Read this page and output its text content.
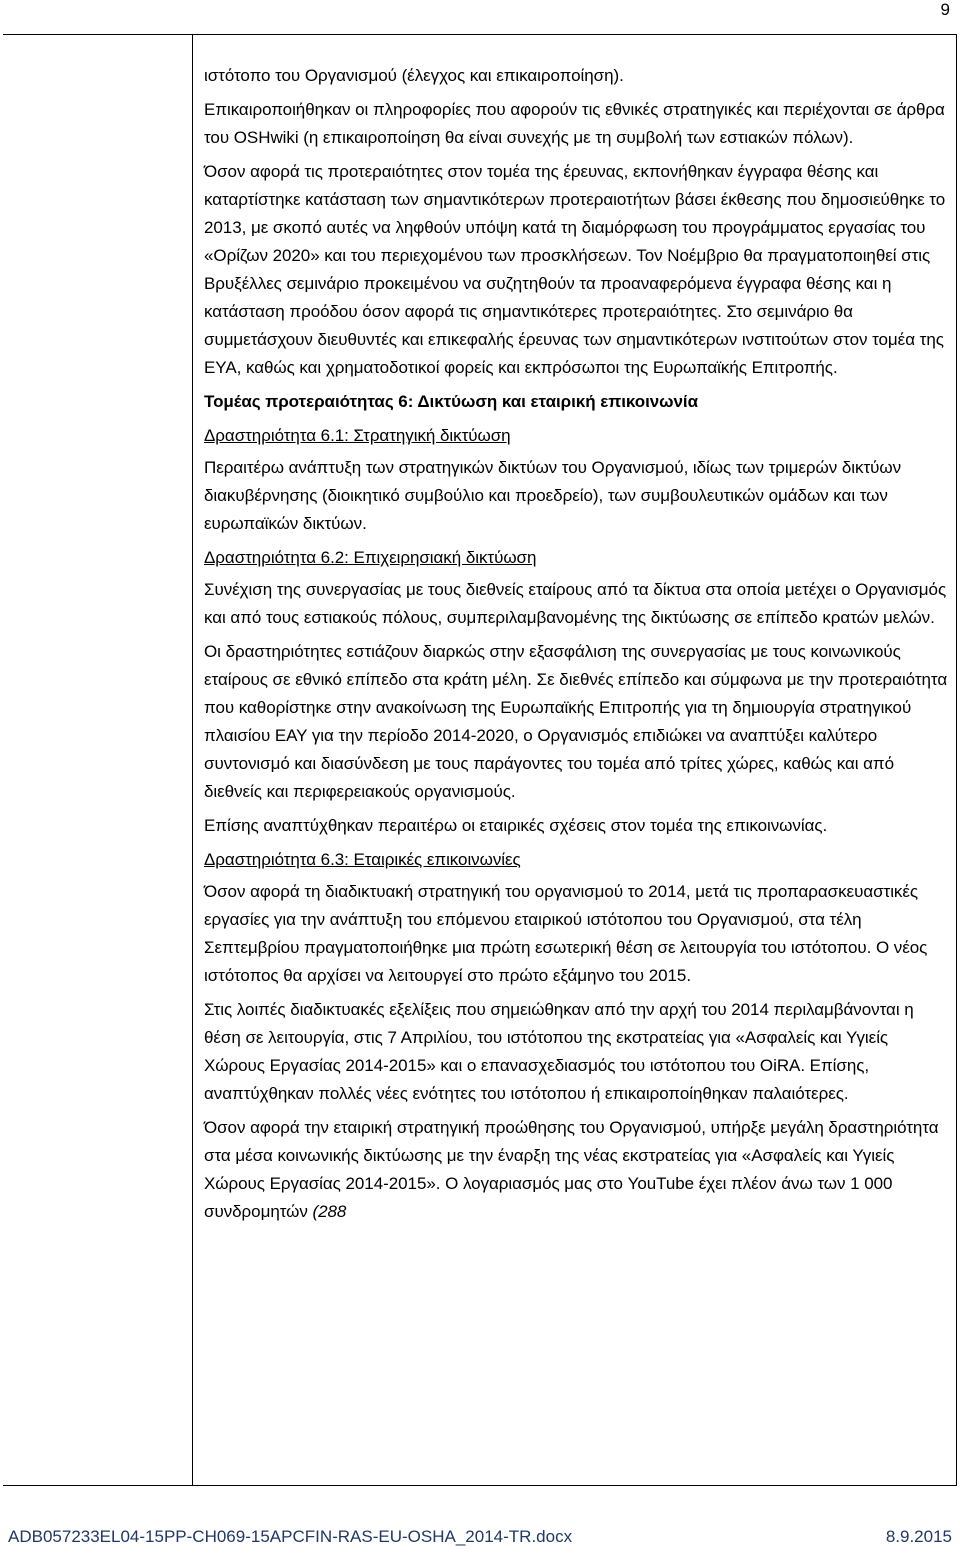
9

ιστότοπο του Οργανισμού (έλεγχος και επικαιροποίηση).

Επικαιροποιήθηκαν οι πληροφορίες που αφορούν τις εθνικές στρατηγικές και περιέχονται σε άρθρα του OSHwiki (η επικαιροποίηση θα είναι συνεχής με τη συμβολή των εστιακών πόλων).

Όσον αφορά τις προτεραιότητες στον τομέα της έρευνας, εκπονήθηκαν έγγραφα θέσης και καταρτίστηκε κατάσταση των σημαντικότερων προτεραιοτήτων βάσει έκθεσης που δημοσιεύθηκε το 2013, με σκοπό αυτές να ληφθούν υπόψη κατά τη διαμόρφωση του προγράμματος εργασίας του «Ορίζων 2020» και του περιεχομένου των προσκλήσεων. Τον Νοέμβριο θα πραγματοποιηθεί στις Βρυξέλλες σεμινάριο προκειμένου να συζητηθούν τα προαναφερόμενα έγγραφα θέσης και η κατάσταση προόδου όσον αφορά τις σημαντικότερες προτεραιότητες. Στο σεμινάριο θα συμμετάσχουν διευθυντές και επικεφαλής έρευνας των σημαντικότερων ινστιτούτων στον τομέα της ΕΥΑ, καθώς και χρηματοδοτικοί φορείς και εκπρόσωποι της Ευρωπαϊκής Επιτροπής.

Τομέας προτεραιότητας 6: Δικτύωση και εταιρική επικοινωνία

Δραστηριότητα 6.1: Στρατηγική δικτύωση

Περαιτέρω ανάπτυξη των στρατηγικών δικτύων του Οργανισμού, ιδίως των τριμερών δικτύων διακυβέρνησης (διοικητικό συμβούλιο και προεδρείο), των συμβουλευτικών ομάδων και των ευρωπαϊκών δικτύων.

Δραστηριότητα 6.2: Επιχειρησιακή δικτύωση

Συνέχιση της συνεργασίας με τους διεθνείς εταίρους από τα δίκτυα στα οποία μετέχει ο Οργανισμός και από τους εστιακούς πόλους, συμπεριλαμβανομένης της δικτύωσης σε επίπεδο κρατών μελών.

Οι δραστηριότητες εστιάζουν διαρκώς στην εξασφάλιση της συνεργασίας με τους κοινωνικούς εταίρους σε εθνικό επίπεδο στα κράτη μέλη. Σε διεθνές επίπεδο και σύμφωνα με την προτεραιότητα που καθορίστηκε στην ανακοίνωση της Ευρωπαϊκής Επιτροπής για τη δημιουργία στρατηγικού πλαισίου ΕΑΥ για την περίοδο 2014-2020, ο Οργανισμός επιδιώκει να αναπτύξει καλύτερο συντονισμό και διασύνδεση με τους παράγοντες του τομέα από τρίτες χώρες, καθώς και από διεθνείς και περιφερειακούς οργανισμούς.

Επίσης αναπτύχθηκαν περαιτέρω οι εταιρικές σχέσεις στον τομέα της επικοινωνίας.

Δραστηριότητα 6.3: Εταιρικές επικοινωνίες

Όσον αφορά τη διαδικτυακή στρατηγική του οργανισμού το 2014, μετά τις προπαρασκευαστικές εργασίες για την ανάπτυξη του επόμενου εταιρικού ιστότοπου του Οργανισμού, στα τέλη Σεπτεμβρίου πραγματοποιήθηκε μια πρώτη εσωτερική θέση σε λειτουργία του ιστότοπου. Ο νέος ιστότοπος θα αρχίσει να λειτουργεί στο πρώτο εξάμηνο του 2015.

Στις λοιπές διαδικτυακές εξελίξεις που σημειώθηκαν από την αρχή του 2014 περιλαμβάνονται η θέση σε λειτουργία, στις 7 Απριλίου, του ιστότοπου της εκστρατείας για «Ασφαλείς και Υγιείς Χώρους Εργασίας 2014-2015» και ο επανασχεδιασμός του ιστότοπου του OiRA. Επίσης, αναπτύχθηκαν πολλές νέες ενότητες του ιστότοπου ή επικαιροποίηθηκαν παλαιότερες.

Όσον αφορά την εταιρική στρατηγική προώθησης του Οργανισμού, υπήρξε μεγάλη δραστηριότητα στα μέσα κοινωνικής δικτύωσης με την έναρξη της νέας εκστρατείας για «Ασφαλείς και Υγιείς Χώρους Εργασίας 2014-2015». Ο λογαριασμός μας στο YouTube έχει πλέον άνω των 1 000 συνδρομητών (288

ADB057233EL04-15PP-CH069-15APCFIN-RAS-EU-OSHA_2014-TR.docx	8.9.2015
